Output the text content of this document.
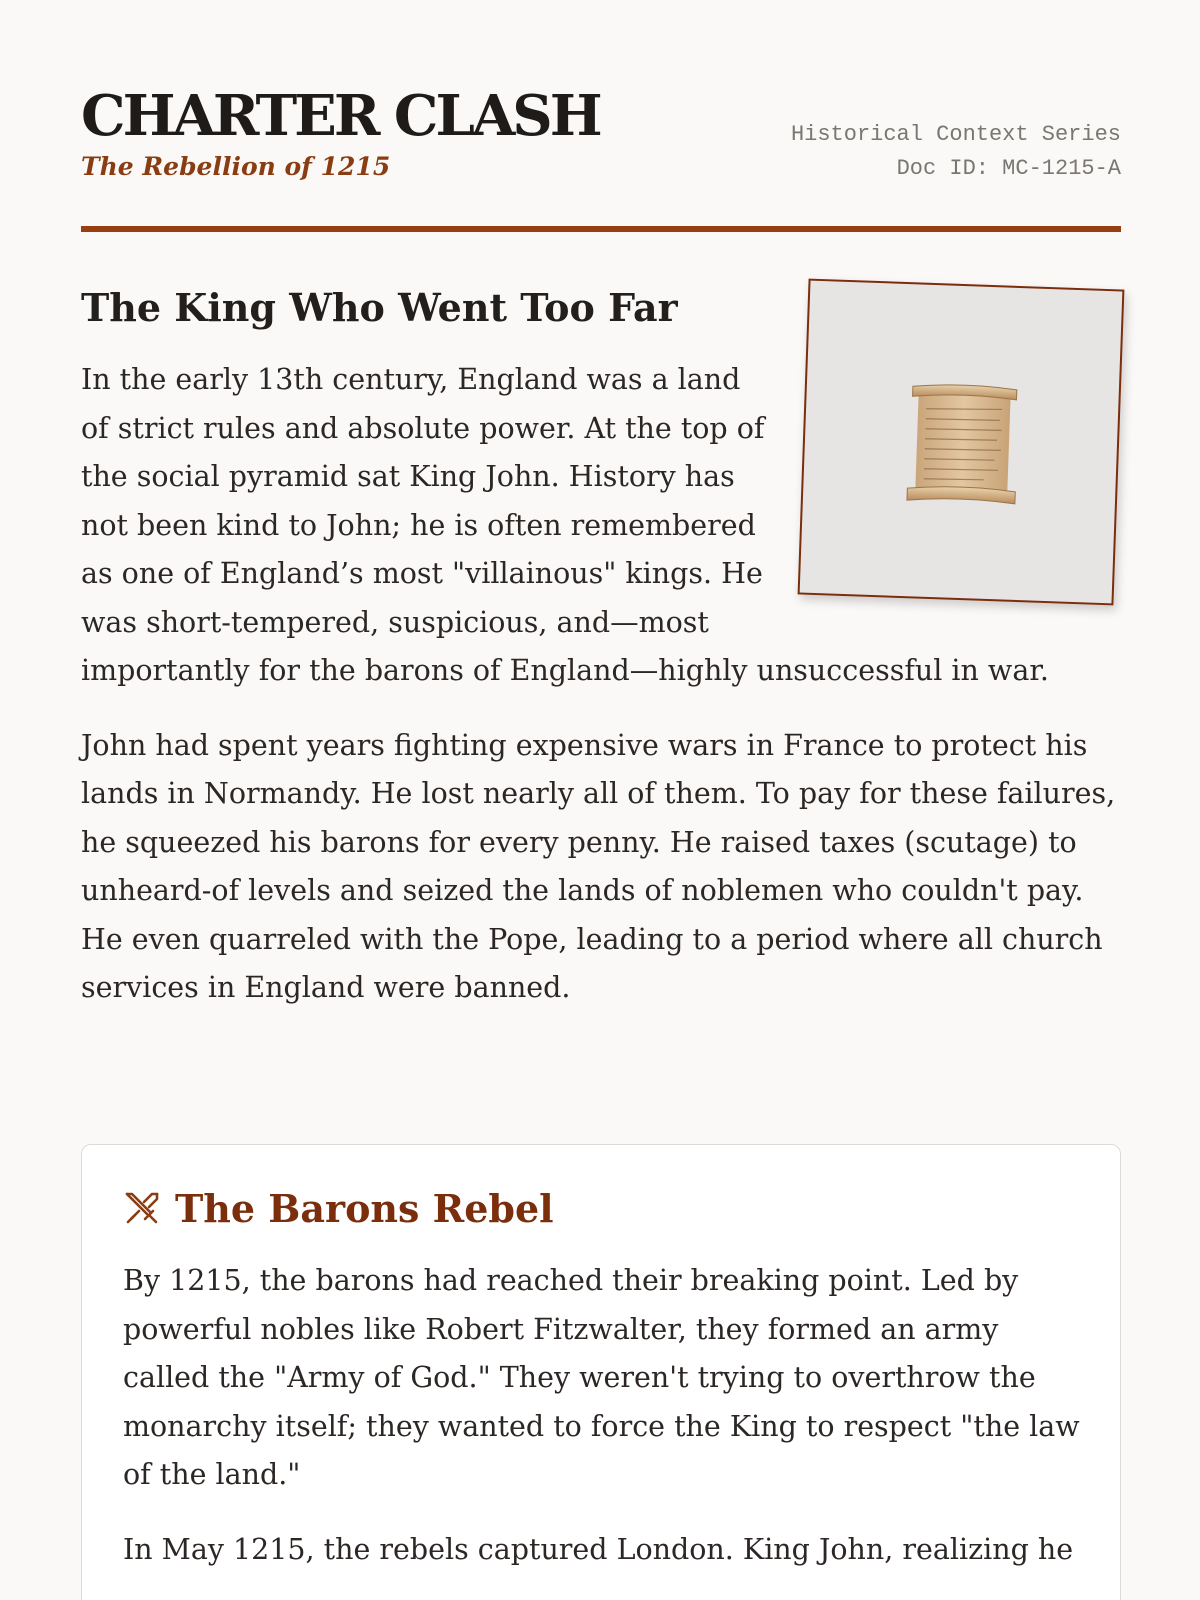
CHARTER CLASH

The Rebellion of 1215

Historical Context Series
Doc ID: MC-1215-A
The King Who Went Too Far

In the early 13th century, England was a land of strict rules and absolute power. At the top of the social pyramid sat King John. History has not been kind to John; he is often remembered as one of England’s most "villainous" kings. He was short-tempered, suspicious, and—most importantly for the barons of England—highly unsuccessful in war.

John had spent years fighting expensive wars in France to protect his lands in Normandy. He lost nearly all of them. To pay for these failures, he squeezed his barons for every penny. He raised taxes (scutage) to unheard-of levels and seized the lands of noblemen who couldn't pay. He even quarreled with the Pope, leading to a period where all church services in England were banned.

The Barons Rebel

By 1215, the barons had reached their breaking point. Led by powerful nobles like Robert Fitzwalter, they formed an army called the "Army of God." They weren't trying to overthrow the monarchy itself; they wanted to force the King to respect "the law of the land."

In May 1215, the rebels captured London. King John, realizing he
